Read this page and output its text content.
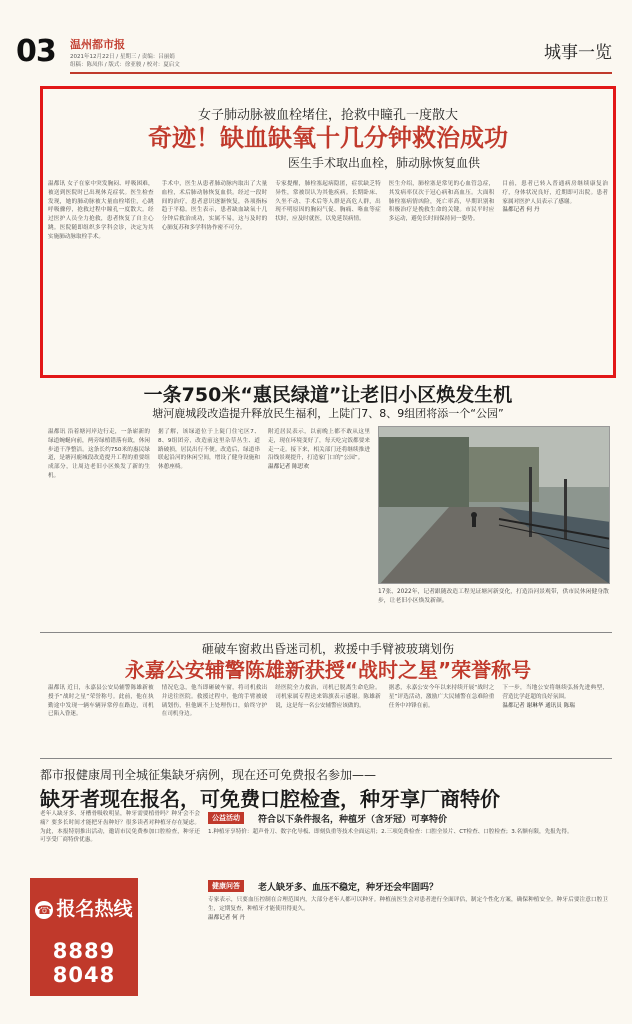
03 温州都市报
2021年12月22日 / 星期三 / 责编：吕丽娟
组稿：陈凤伟 / 版式：徐亚骏 / 校对：夏启文
城事一览
女子肺动脉被血栓堵住，抢救中瞳孔一度散大
奇迹！缺血缺氧十几分钟救治成功
医生手术取出血栓，肺动脉恢复血供
温都讯 女子在家中突发胸闷、呼吸困难，被送到医院时已出现休克症状。医生检查发现，她的肺动脉被大量血栓堵住，心跳呼吸骤停，抢救过程中瞳孔一度散大。经过医护人员全力抢救，患者恢复了自主心跳。医院随即组织多学科会诊，决定为其实施肺动脉取栓手术。
手术中，医生从患者肺动脉内取出了大量血栓，术后肺动脉恢复血供。经过一段时间的治疗，患者意识逐渐恢复，各项指标趋于平稳。医生表示，患者缺血缺氧十几分钟后救治成功，实属不易，这与及时的心肺复苏和多学科协作密不可分。
专家提醒，肺栓塞起病隐匿，症状缺乏特异性，常被误认为其他疾病。长期卧床、久坐不动、手术后等人群是高危人群，出现不明原因的胸闷气促、胸痛、咯血等症状时，应及时就医，以免延误病情。
医生介绍，肺栓塞是常见的心血管急症，其发病率仅次于冠心病和高血压。大面积肺栓塞病情凶险，死亡率高，早期识别和积极治疗是挽救生命的关键。市民平时应多运动，避免长时间保持同一姿势。
目前，患者已转入普通病房继续康复治疗，身体状况良好，近期即可出院。患者家属对医护人员表示了感谢。
温都记者 何 丹
一条750米“惠民绿道”让老旧小区焕发生机
塘河鹿城段改造提升释放民生福利，上陡门7、8、9组团将添一个“公园”
温都讯 沿着塘河岸边行走，一条崭新的绿道蜿蜒向前，两旁绿植错落有致，休闲步道干净整洁。这条长约750米的惠民绿道，是塘河鹿城段改造提升工程的重要组成部分，让周边老旧小区焕发了新的生机。
据了解，该绿道位于上陡门住宅区7、8、9组团旁，改造前这里杂草丛生、道路破损，居民出行不便。改造后，绿道串联起沿河的休闲空间，增设了健身设施和休憩座椅。
附近居民表示，以前晚上都不敢从这里走，现在环境变好了，每天吃完饭都要来走一走。接下来，相关部门还将继续推进沿线景观提升，打造家门口的“公园”。
温都记者 陈思欢
17张、2022年，记者跟随改造工程见证塘河新变化，打造沿河景观带，供市民休闲健身散步，让老旧小区焕发新颜。
砸破车窗救出昏迷司机，救援中手臂被玻璃划伤
永嘉公安辅警陈雄新获授“战时之星”荣誉称号
温都讯 近日，永嘉县公安局辅警陈雄新被授予“战时之星”荣誉称号。此前，他在执勤途中发现一辆车辆异常停在路边，司机已陷入昏迷。
情况危急，他当即砸破车窗，将司机救出并送往医院。救援过程中，他的手臂被玻璃划伤，但他顾不上处理伤口，始终守护在司机身边。
经医院全力救治，司机已脱离生命危险。司机家属专程送来锦旗表示感谢。陈雄新说，这是每一名公安辅警应该做的。
据悉，永嘉公安今年以来持续开展“战时之星”评选活动，激励广大民辅警在急难险重任务中冲锋在前。
下一步，当地公安将继续弘扬先进典型，营造比学赶超的良好氛围。
温都记者 谢琳华 通讯员 陈瑞
都市报健康周刊全城征集缺牙病例，现在还可免费报名参加——
缺牙者现在报名，可免费口腔检查，种牙享厂商特价
老年人缺牙多、牙槽骨吸收明显，种牙需要植骨吗？种牙会不会痛？要多长时间才能把牙齿种好？很多读者对种植牙存在疑虑。为此，本报特别推出活动，邀请市民免费参加口腔检查，种牙还可享受厂商特价优惠。
☎ 报名热线
8889 8048
公益活动	符合以下条件报名，种植牙（含牙冠）可享特价
1.种植牙享特价：超声骨刀、数字化导板、即刻负重等技术全面运用；2.三项免费检查：口腔全景片、CT检查、口腔检查；3.名额有限，先报先得。
健康问答	老人缺牙多、血压不稳定，种牙还会牢固吗？
专家表示，只要血压控制在合理范围内，大部分老年人都可以种牙。种植前医生会对患者进行全面评估，制定个性化方案，确保种植安全。种牙后要注意口腔卫生，定期复查，种植牙才能使用得更久。
温都记者 何 丹
